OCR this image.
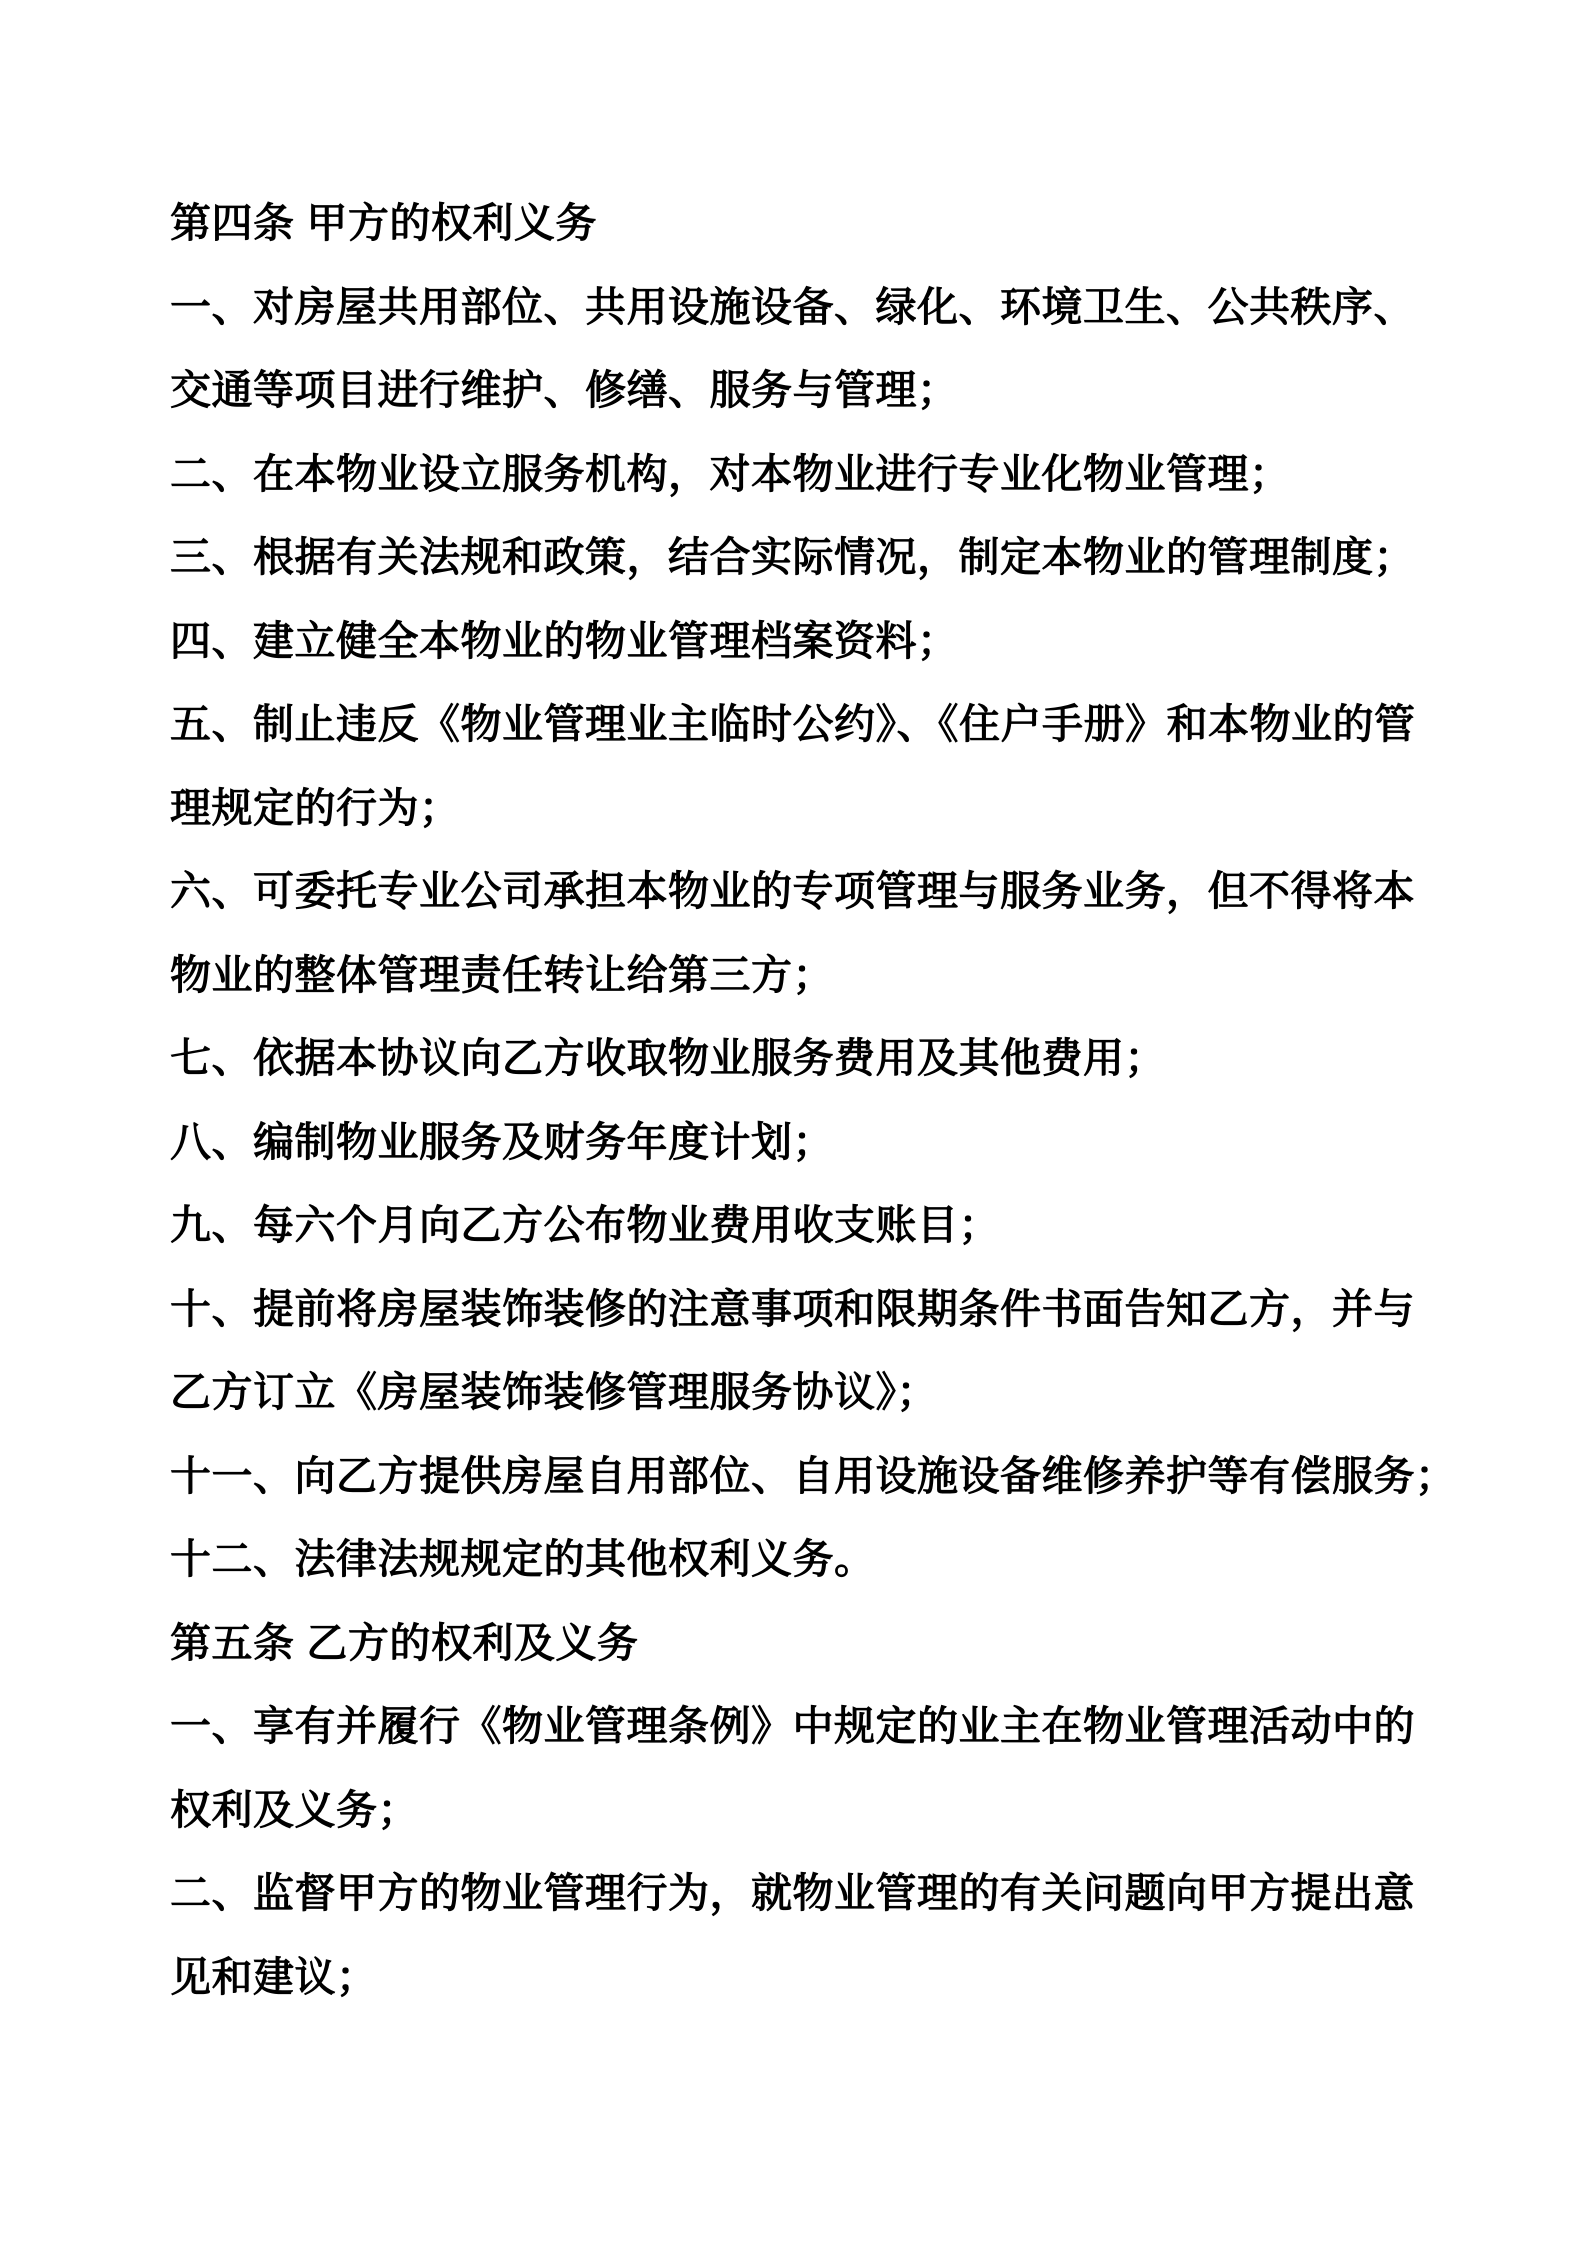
第四条 甲方的权利义务
一、对房屋共用部位、共用设施设备、绿化、环境卫生、公共秩序、
交通等项目进行维护、修缮、服务与管理；
二、在本物业设立服务机构，对本物业进行专业化物业管理；
三、根据有关法规和政策，结合实际情况，制定本物业的管理制度；
四、建立健全本物业的物业管理档案资料；
五、制止违反《物业管理业主临时公约》、《住户手册》和本物业的管
理规定的行为；
六、可委托专业公司承担本物业的专项管理与服务业务，但不得将本
物业的整体管理责任转让给第三方；
七、依据本协议向乙方收取物业服务费用及其他费用；
八、编制物业服务及财务年度计划；
九、每六个月向乙方公布物业费用收支账目；
十、提前将房屋装饰装修的注意事项和限期条件书面告知乙方，并与
乙方订立《房屋装饰装修管理服务协议》；
十一、向乙方提供房屋自用部位、自用设施设备维修养护等有偿服务；
十二、法律法规规定的其他权利义务。
第五条 乙方的权利及义务
一、享有并履行《物业管理条例》中规定的业主在物业管理活动中的
权利及义务；
二、监督甲方的物业管理行为，就物业管理的有关问题向甲方提出意
见和建议；
